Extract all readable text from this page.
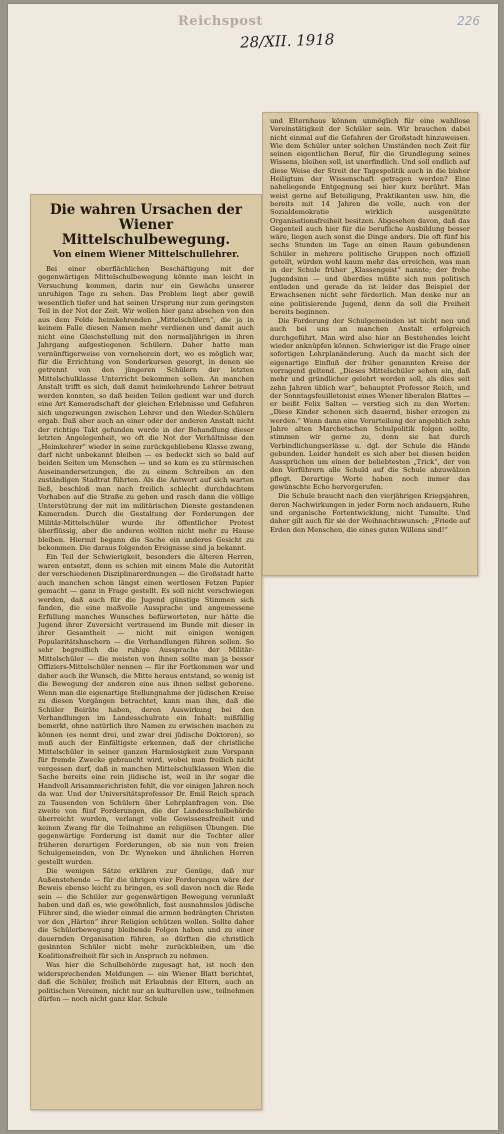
Reichspost	226
28/XII. 1918
Die wahren Ursachen der Wiener Mittelschulbewegung.
Von einem Wiener Mittelschullehrer.

Bei einer oberflächlichen Beschäftigung mit der gegenwärtigen Mittelschulbewegung könnte man leicht in Versuchung kommen, darin nur ein Gewächs unserer unruhigen Tage zu sehen. Das Problem liegt aber gewiß wesentlich tiefer und hat seinen Ursprung nur zum geringsten Teil in der Not der Zeit. Wir wollen hier ganz absehen von den aus dem Felde heimkehrenden „Mittelschülern“, die ja in keinem Falle diesen Namen mehr verdienen und damit auch nicht eine Gleichstellung mit den normaljährigen in ihren Jahrgang aufgestiegenen Schülern. Daher hatte man vernünftigerweise von vorneherein dort, wo es möglich war, für die Errichtung von Sonderkursen gesorgt, in denen sie getrennt von den jüngeren Schülern der letzten Mittelschulklasse Unterricht bekommen sollen. An manchen Anstalt trifft es sich, daß damit heimkehrende Lehrer betraut werden konnten, so daß beiden Teilen gedient war und durch eine Art Kameradschaft der gleichen Erlebnisse und Gefahren sich ungezwungen zwischen Lehrer und den Wieder-Schülern ergab. Daß aber auch an einer oder der anderen Anstalt nicht der richtige Takt gefunden wurde in der Behandlung dieser letzten Angelegenheit, wo oft die Not der Verhältnisse den „Heimkehrer“ wieder in seine zurückgebliebene Klasse zwang, darf nicht unbekannt bleiben — es bedeckt sich so bald auf beiden Seiten um Menschen — und so kam es zu stürmischen Auseinandersetzungen, die zu einem Schreiben an den zuständigen Stadtrat führten. Als die Antwort auf sich warten ließ, beschloß man nach freilich schlecht durchdachtem Vorhaben auf die Straße zu gehen und rasch dann die völlige Unterstützung der mit im militärischen Dienste gestandenen Kameraden. Durch die Gestaltung der Forderungen der Militär-Mittelschüler wurde ihr öffentlicher Protest überflüssig, aber die anderen wollten nicht mehr zu Hause bleiben. Hiermit begann die Sache ein anderes Gesicht zu bekommen. Die daraus folgenden Ereignisse sind ja bekannt.

Ein Teil der Schwierigkeit, besonders die älteren Herren, waren entsetzt, denn es schien mit einem Male die Autorität der verschiedenen Disziplinarordnungen — die Großstadt hatte auch manchen schon längst einen wertlosen Fetzen Papier gemacht — ganz in Frage gestellt. Es soll nicht verschwiegen werden, daß auch für die Jugend günstige Stimmen sich fanden, die eine maßvolle Aussprache und angemessene Erfüllung manches Wunsches befürworteten, nur hätte die Jugend ihrer Zuversicht vertrauend im Bunde mit dieser in ihrer Gesamtheit — nicht mit einigen wenigen Popularitätshaschern — die Verhandlungen führen sollen. So sehr begreiflich die ruhige Aussprache der Militär-Mittelschüler — die meisten von ihnen sollte man ja besser Offiziers-Mittelschüler nennen — für ihr Fortkommen war und daher auch ihr Wunsch, die Mitte heraus entstand, so wenig ist die Bewegung der anderen eine aus ihnen selbst geborene. Wenn man die eigenartige Stellungnahme der jüdischen Kreise zu diesen Vorgängen betrachtet, kann man ihm, daß die Schüler Beiräte haben, deren Auswirkung bei den Verhandlungen im Landesschulrate ein Inhalt: mißfällig bemerkt, ohne natürlich ihre Namen zu erwischen machen zu können (es nennt drei, und zwar drei jüdische Doktoren), so muß auch der Einfältigste erkennen, daß der christliche Mittelschüler in seiner ganzen Harmlosigkeit zum Vorspann für fremde Zwecke gebraucht wird, wobei man freilich nicht vergessen darf, daß in manchen Mittelschulklassen Wien die Sache bereits eine rein jüdische ist, weil in ihr sogar die Handvoll Arisammerichristen fehlt, die vor einigen Jahren noch da war. Und der Universitätsprofessor Dr. Emil Reich sprach zu Tausenden von Schülern über Lehrplanfragen von. Die zweite von fünf Forderungen, die der Landesschulbehörde überreicht wurden, verlangt volle Gewissensfreiheit und keinen Zwang für die Teilnahme an religiösen Übungen. Die gegenwärtige Forderung ist damit nur die Tochter aller früheren derartigen Forderungen, ob sie nun von freien Schulgemeinden, von Dr. Wyneken und ähnlichen Herren gestellt wurden.

Die wenigen Sätze erklären zur Genüge, daß nur Außenstehende — für die übrigen vier Forderungen wäre der Beweis ebenso leicht zu bringen, es soll davon noch die Rede sein — die Schüler zur gegenwärtigen Bewegung veranlaßt haben und daß es, wie gewöhnlich, fast ausnahmslos jüdische Führer sind, die wieder einmal die armen bedrängten Christen vor den „Härten“ ihrer Religion schützen wollen. Sollte daher die Schülerbewegung bleibende Folgen haben und zu einer dauernden Organisation führen, so dürften die christlich gesinnten Schüler nicht mehr zurückbleiben, um die Koalitionsfreiheit für sich in Anspruch zu nehmen.

Was hier die Schulbehörde zugesagt hat, ist noch den widersprechenden Meldungen — ein Wiener Blatt berichtet, daß die Schüler, freilich mit Erlaubnis der Eltern, auch an politischen Vereinen, nicht nur an kulturellen usw., teilnehmen dürfen — noch nicht ganz klar. Schule

und Elternhaus können unmöglich für eine wahllose Vereinstätigkeit der Schüler sein. Wir brauchen dabei nicht einmal auf die Gefahren der Großstadt hinzuweisen. Wie dem Schüler unter solchen Umständen noch Zeit für seinen eigentlichen Beruf, für die Grundlegung seines Wissens, bleiben soll, ist unerfindlich. Und soll endlich auf diese Weise der Streit der Tagespolitik auch in die bisher Heiligtum der Wissenschaft getragen werden? Eine naheliegende Entgegnung sei hier kurz berührt. Man weist gerne auf Beteiligung, Praktikanten usw. hin, die bereits mit 14 Jahren die volle, auch von der Sozialdemokratie wirklich ausgenützte Organisationsfreiheit besitzen. Abgesehen davon, daß das Gegenteil auch hier für die berufliche Ausbildung besser wäre, liegen auch sonst die Dinge anders. Die oft fünf bis sechs Stunden im Tage an einen Raum gebundenen Schüler in mehrere politische Gruppen noch offiziell geteilt, würden wohl kaum mehr das erreichen, was man in der Schule früher „Klassengeist“ nannte; der frohe Jugendsinn — und überdies müßte sich nun politisch entladen und gerade da ist leider das Beispiel der Erwachsenen nicht sehr förderlich. Man denke nur an eine politisierende Jugend, denn da soll die Freiheit bereits beginnen.

Die Forderung der Schulgemeinden ist nicht neu und auch bei uns an manchen Anstalt erfolgreich durchgeführt. Man wird also hier an Bestehendes leicht wieder anknüpfen können. Schwieriger ist die Frage einer sofortigen Lehrplanänderung. Auch da macht sich der eigenartige Einfluß der früher genannten Kreise der vorragend geltend. „Dieses Mittelschüler sehen ein, daß mehr und gründlicher gelehrt werden soll, als dies seit zehn Jahren üblich war“, behauptet Professor Reich, und der Sonntagsfeuilletonist eines Wiener liberalen Blattes — er beißt Felix Salten — verstieg sich zu den Worten: „Diese Kinder schonen sich dauernd, bisher erzogen zu werden.“ Wenn dann eine Verurteilung der angeblich zehn Jahre alten Marchetschen Schulpolitik folgen sollte, stimmen wir gerne zu, denn sie hat durch Verbindlichungserlässe u. dgl. der Schule die Hände gebunden. Leider handelt es sich aber bei diesen beiden Aussprüchen um einen der beliebtesten „Trick“, der von den Verführern alle Schuld auf die Schule abzuwälzen pflegt. Derartige Worte haben noch immer das gewünschte Echo hervorgerufen.

Die Schule braucht nach den vierjährigen Kriegsjahren, deren Nachwirkungen in jeder Form noch andauern, Ruhe und organische Fortentwicklung, nicht Tumulte. Und daher gilt auch für sie der Weihnachtswunsch: „Friede auf Erden den Menschen, die eines guten Willens sind!“
